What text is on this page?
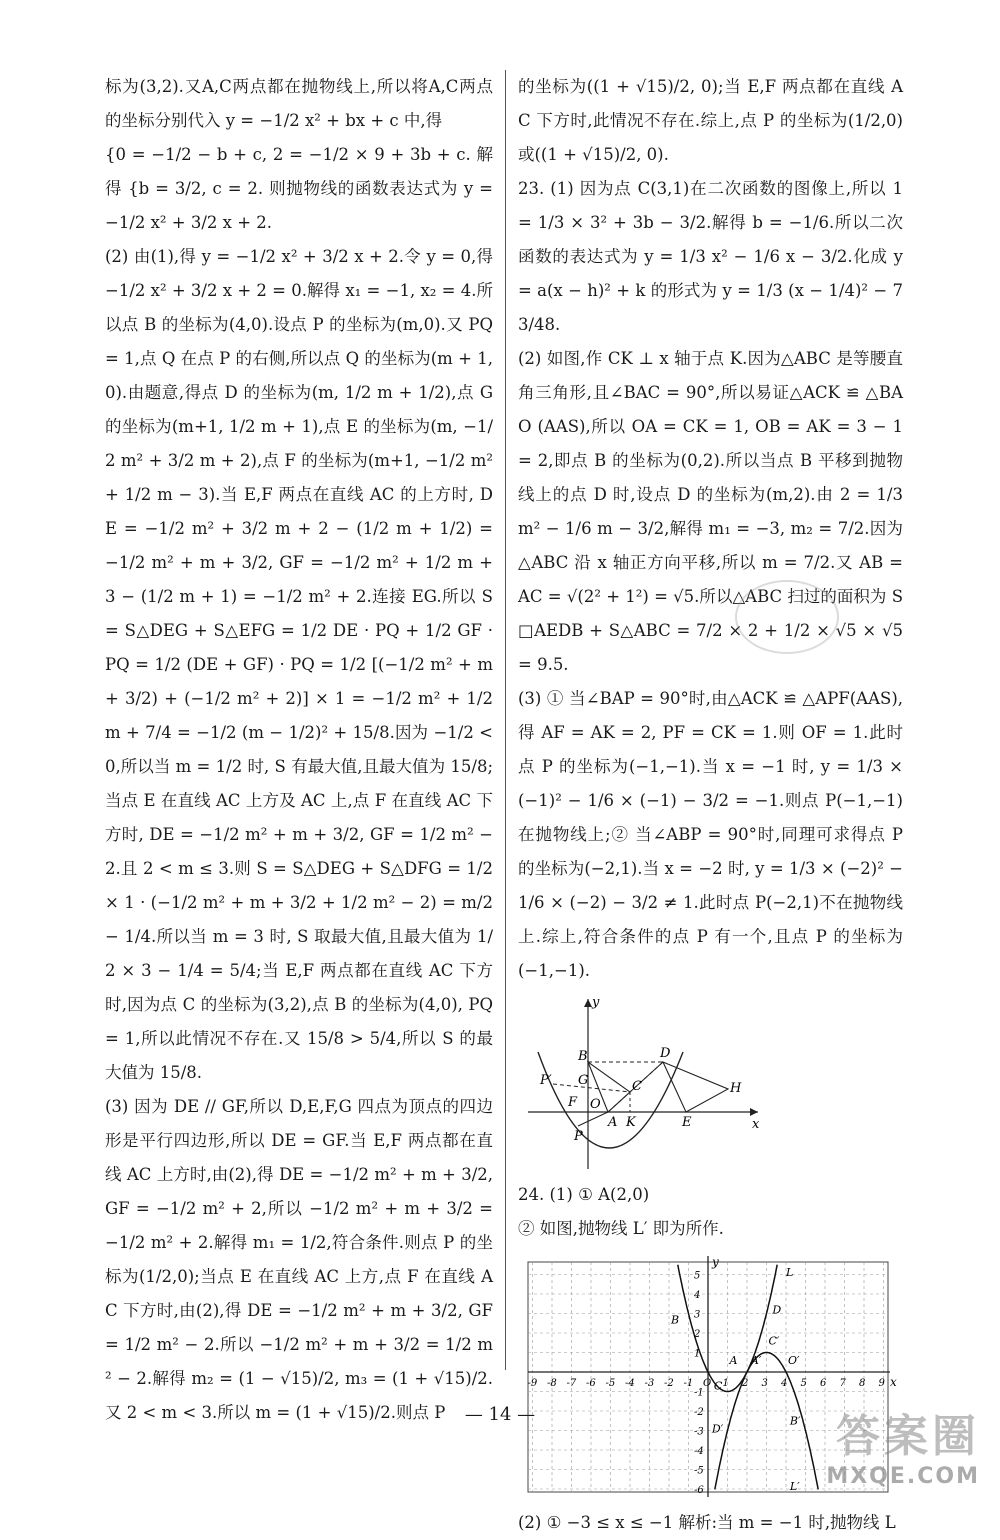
标为(3,2).又A,C两点都在抛物线上,所以将A,C两点的坐标分别代入 y = −1/2 x² + bx + c 中,得

{0 = −1/2 − b + c, 2 = −1/2 × 9 + 3b + c. 解得 {b = 3/2, c = 2. 则抛物线的函数表达式为 y = −1/2 x² + 3/2 x + 2.

(2) 由(1),得 y = −1/2 x² + 3/2 x + 2.令 y = 0,得 −1/2 x² + 3/2 x + 2 = 0.解得 x₁ = −1, x₂ = 4.所以点 B 的坐标为(4,0).设点 P 的坐标为(m,0).又 PQ = 1,点 Q 在点 P 的右侧,所以点 Q 的坐标为(m + 1,0).由题意,得点 D 的坐标为(m, 1/2 m + 1/2),点 G 的坐标为(m+1, 1/2 m + 1),点 E 的坐标为(m, −1/2 m² + 3/2 m + 2),点 F 的坐标为(m+1, −1/2 m² + 1/2 m − 3).当 E,F 两点在直线 AC 的上方时, DE = −1/2 m² + 3/2 m + 2 − (1/2 m + 1/2) = −1/2 m² + m + 3/2, GF = −1/2 m² + 1/2 m + 3 − (1/2 m + 1) = −1/2 m² + 2.连接 EG.所以 S = S△DEG + S△EFG = 1/2 DE · PQ + 1/2 GF · PQ = 1/2 (DE + GF) · PQ = 1/2 [(−1/2 m² + m + 3/2) + (−1/2 m² + 2)] × 1 = −1/2 m² + 1/2 m + 7/4 = −1/2 (m − 1/2)² + 15/8.因为 −1/2 < 0,所以当 m = 1/2 时, S 有最大值,且最大值为 15/8;当点 E 在直线 AC 上方及 AC 上,点 F 在直线 AC 下方时, DE = −1/2 m² + m + 3/2, GF = 1/2 m² − 2.且 2 < m ≤ 3.则 S = S△DEG + S△DFG = 1/2 × 1 · (−1/2 m² + m + 3/2 + 1/2 m² − 2) = m/2 − 1/4.所以当 m = 3 时, S 取最大值,且最大值为 1/2 × 3 − 1/4 = 5/4;当 E,F 两点都在直线 AC 下方时,因为点 C 的坐标为(3,2),点 B 的坐标为(4,0), PQ = 1,所以此情况不存在.又 15/8 > 5/4,所以 S 的最大值为 15/8.

(3) 因为 DE // GF,所以 D,E,F,G 四点为顶点的四边形是平行四边形,所以 DE = GF.当 E,F 两点都在直线 AC 上方时,由(2),得 DE = −1/2 m² + m + 3/2, GF = −1/2 m² + 2,所以 −1/2 m² + m + 3/2 = −1/2 m² + 2.解得 m₁ = 1/2,符合条件.则点 P 的坐标为(1/2,0);当点 E 在直线 AC 上方,点 F 在直线 AC 下方时,由(2),得 DE = −1/2 m² + m + 3/2, GF = 1/2 m² − 2.所以 −1/2 m² + m + 3/2 = 1/2 m² − 2.解得 m₂ = (1 − √15)/2, m₃ = (1 + √15)/2.又 2 < m < 3.所以 m = (1 + √15)/2.则点 P

的坐标为((1 + √15)/2, 0);当 E,F 两点都在直线 AC 下方时,此情况不存在.综上,点 P 的坐标为(1/2,0)或((1 + √15)/2, 0).

23. (1) 因为点 C(3,1)在二次函数的图像上,所以 1 = 1/3 × 3² + 3b − 3/2.解得 b = −1/6.所以二次函数的表达式为 y = 1/3 x² − 1/6 x − 3/2.化成 y = a(x − h)² + k 的形式为 y = 1/3 (x − 1/4)² − 73/48.

(2) 如图,作 CK ⊥ x 轴于点 K.因为△ABC 是等腰直角三角形,且∠BAC = 90°,所以易证△ACK ≌ △BAO (AAS),所以 OA = CK = 1, OB = AK = 3 − 1 = 2,即点 B 的坐标为(0,2).所以当点 B 平移到抛物线上的点 D 时,设点 D 的坐标为(m,2).由 2 = 1/3 m² − 1/6 m − 3/2,解得 m₁ = −3, m₂ = 7/2.因为△ABC 沿 x 轴正方向平移,所以 m = 7/2.又 AB = AC = √(2² + 1²) = √5.所以△ABC 扫过的面积为 S□AEDB + S△ABC = 7/2 × 2 + 1/2 × √5 × √5 = 9.5.

(3) ① 当∠BAP = 90°时,由△ACK ≌ △APF(AAS),得 AF = AK = 2, PF = CK = 1.则 OF = 1.此时点 P 的坐标为(−1,−1).当 x = −1 时, y = 1/3 × (−1)² − 1/6 × (−1) − 3/2 = −1.则点 P(−1,−1)在抛物线上;② 当∠ABP = 90°时,同理可求得点 P 的坐标为(−2,1).当 x = −2 时, y = 1/3 × (−2)² − 1/6 × (−2) − 3/2 ≠ 1.此时点 P(−2,1)不在抛物线上.综上,符合条件的点 P 有一个,且点 P 的坐标为(−1,−1).

y
x
B	D
G	C	H
P′
F O
A K	E
P

24. (1) ① A(2,0)

② 如图,抛物线 L′ 即为所作.

-9 -8 -7 -6 -5 -4 -3 -2 -1 O 1 2 3 4 5 6 7 8 9
5
4
3
2
1
-1
-2
-3
-4
-5
-6
x
y
L
L′
B
D
A A′
C′
O′
C
B′
D′

(2) ① −3 ≤ x ≤ −1 解析:当 m = −1 时,抛物线 L

— 14 —	答案圈
MXQE.COM
